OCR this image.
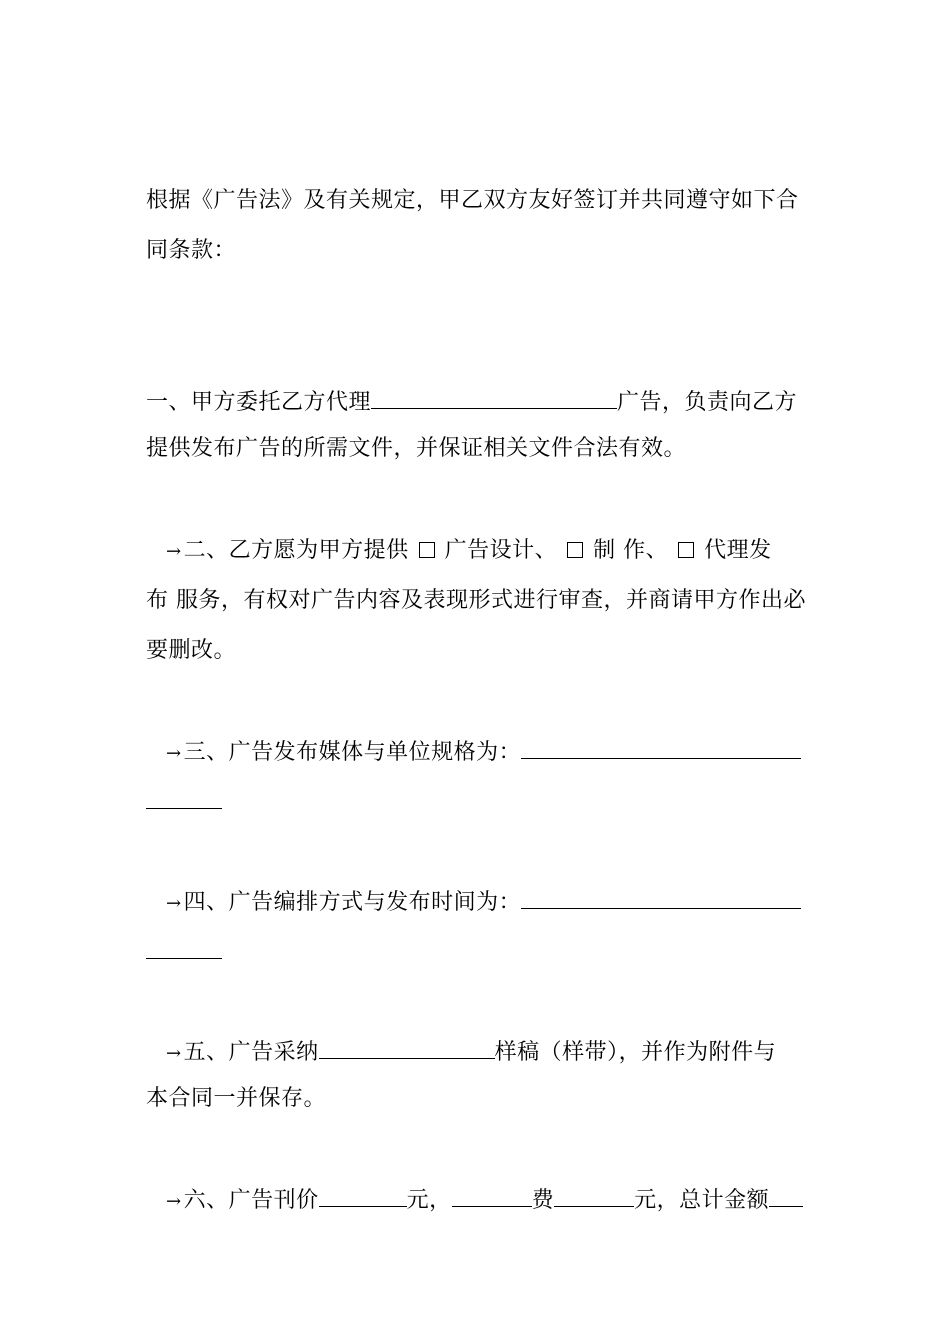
根据《广告法》及有关规定，甲乙双方友好签订并共同遵守如下合
同条款：
一、甲方委托乙方代理	广告，负责向乙方
提供发布广告的所需文件，并保证相关文件合法有效。
→二、乙方愿为甲方提供 广告设计、 制 作、 代理发
布 服务，有权对广告内容及表现形式进行审查，并商请甲方作出必
要删改。
→三、广告发布媒体与单位规格为：
→四、广告编排方式与发布时间为：
→五、广告采纳	样稿（样带），并作为附件与
本合同一并保存。
→六、广告刊价	元，	费	元，总计金额
